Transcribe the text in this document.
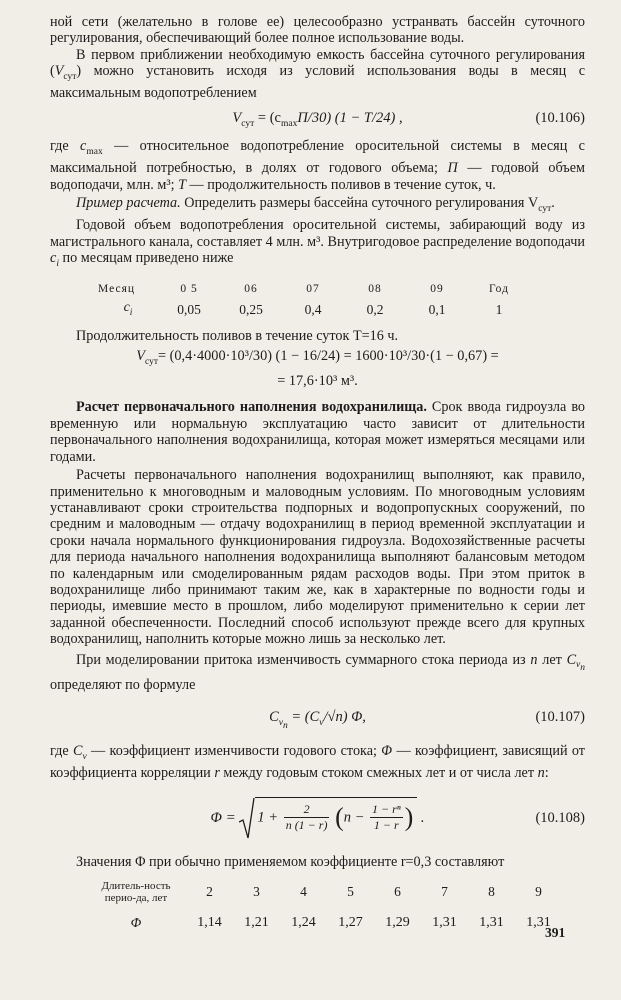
ной сети (желательно в голове ее) целесообразно устранвать бассейн суточного регулирования, обеспечивающий более полное использование воды.

В первом приближении необходимую емкость бассейна суточного регулирования $(V_{сут})$ можно установить исходя из условий использования воды в месяц с максимальным водопотреблением

$V_{сут} = (c_{max}П/30) (1 - T/24)$ ,	(10.106)

где $c_{max}$ — относительное водопотребление оросительной системы в месяц с максимальной потребностью, в долях от годового объема; П — годовой объем водоподачи, млн. м³; T — продолжительность поливов в течение суток, ч.

Пример расчета. Определить размеры бассейна суточного регулирования $V_{сут}$.

Годовой объем водопотребления оросительной системы, забирающий воду из магистрального канала, составляет 4 млн. м³. Внутригодовое распределение водоподачи $c_i$ по месяцам приведено ниже

Месяц	0 5	06	07	08	09	Год
$c_i$	0,05	0,25	0,4	0,2	0,1	1

Продолжительность поливов в течение суток T=16 ч.

$V_{сут}= (0,4\cdot 4000\cdot 10^3/30) (1 - 16/24) = 1600\cdot 10^3/30\cdot(1 - 0,67)$ =
= 17,6·10³ м³.

Расчет первоначального наполнения водохранилища. Срок ввода гидроузла во временную или нормальную эксплуатацию часто зависит от длительности первоначального наполнения водохранилища, которая может измеряться месяцами или годами.

Расчеты первоначального наполнения водохранилищ выполняют, как правило, применительно к многоводным и маловодным условиям. По многоводным условиям устанавливают сроки строительства подпорных и водопропускных сооружений, по средним и маловодным — отдачу водохранилищ в период временной эксплуатации и сроки начала нормального функционирования гидроузла. Водохозяйственные расчеты для периода начального наполнения водохранилища выполняют балансовым методом по календарным или смоделированным рядам расходов воды. При этом приток в водохранилище либо принимают таким же, как в характерные по водности годы и периоды, имевшие место в прошлом, либо моделируют применительно к серии лет заданной обеспеченности. Последний способ используют прежде всего для крупных водохранилищ, наполнить которые можно лишь за несколько лет.

При моделировании притока изменчивость суммарного стока периода из n лет $C_{v_n}$ определяют по формуле

$C_{v_n} = (C_v/√n)$ Φ,	(10.107)

где $C_v$ — коэффициент изменчивости годового стока; Φ — коэффициент, зависящий от коэффициента корреляции r между годовым стоком смежных лет и от числа лет n:

$\Phi = 1 + \frac{2}{n (1 - r)} (n - \frac{\text{1 − rⁿ}}{1 - r}$ ) .	(10.108)

Значения Φ при обычно применяемом коэффициенте r=0,3 составляют

Длитель-ность перио-да, лет	2	3	4	5	6	7	8	9
Φ	1,14	1,21	1,24	1,27	1,29	1,31	1,31	1,31
391
